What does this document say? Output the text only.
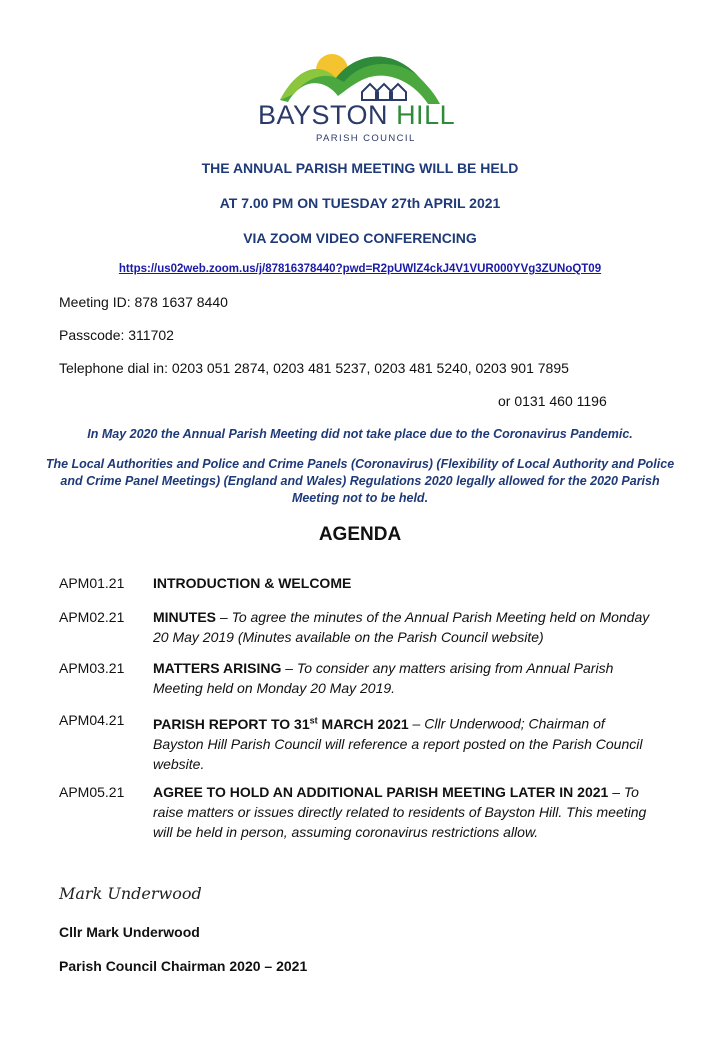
BAYSTON HILL
PARISH COUNCIL
THE ANNUAL PARISH MEETING WILL BE HELD
AT 7.00 PM ON TUESDAY 27th APRIL 2021
VIA ZOOM VIDEO CONFERENCING
https://us02web.zoom.us/j/87816378440?pwd=R2pUWlZ4ckJ4V1VUR000YVg3ZUNoQT09
Meeting ID: 878 1637 8440
Passcode: 311702
Telephone dial in: 0203 051 2874, 0203 481 5237, 0203 481 5240, 0203 901 7895
or 0131 460 1196
In May 2020 the Annual Parish Meeting did not take place due to the Coronavirus Pandemic.
The Local Authorities and Police and Crime Panels (Coronavirus) (Flexibility of Local Authority and Police and Crime Panel Meetings) (England and Wales) Regulations 2020 legally allowed for the 2020 Parish Meeting not to be held.
AGENDA
APM01.21	INTRODUCTION & WELCOME
APM02.21	MINUTES – To agree the minutes of the Annual Parish Meeting held on Monday 20 May 2019 (Minutes available on the Parish Council website)
APM03.21	MATTERS ARISING – To consider any matters arising from Annual Parish Meeting held on Monday 20 May 2019.
APM04.21	PARISH REPORT TO 31st MARCH 2021 – Cllr Underwood; Chairman of Bayston Hill Parish Council will reference a report posted on the Parish Council website.
APM05.21	AGREE TO HOLD AN ADDITIONAL PARISH MEETING LATER IN 2021 – To raise matters or issues directly related to residents of Bayston Hill. This meeting will be held in person, assuming coronavirus restrictions allow.
Mark Underwood
Cllr Mark Underwood
Parish Council Chairman 2020 – 2021
